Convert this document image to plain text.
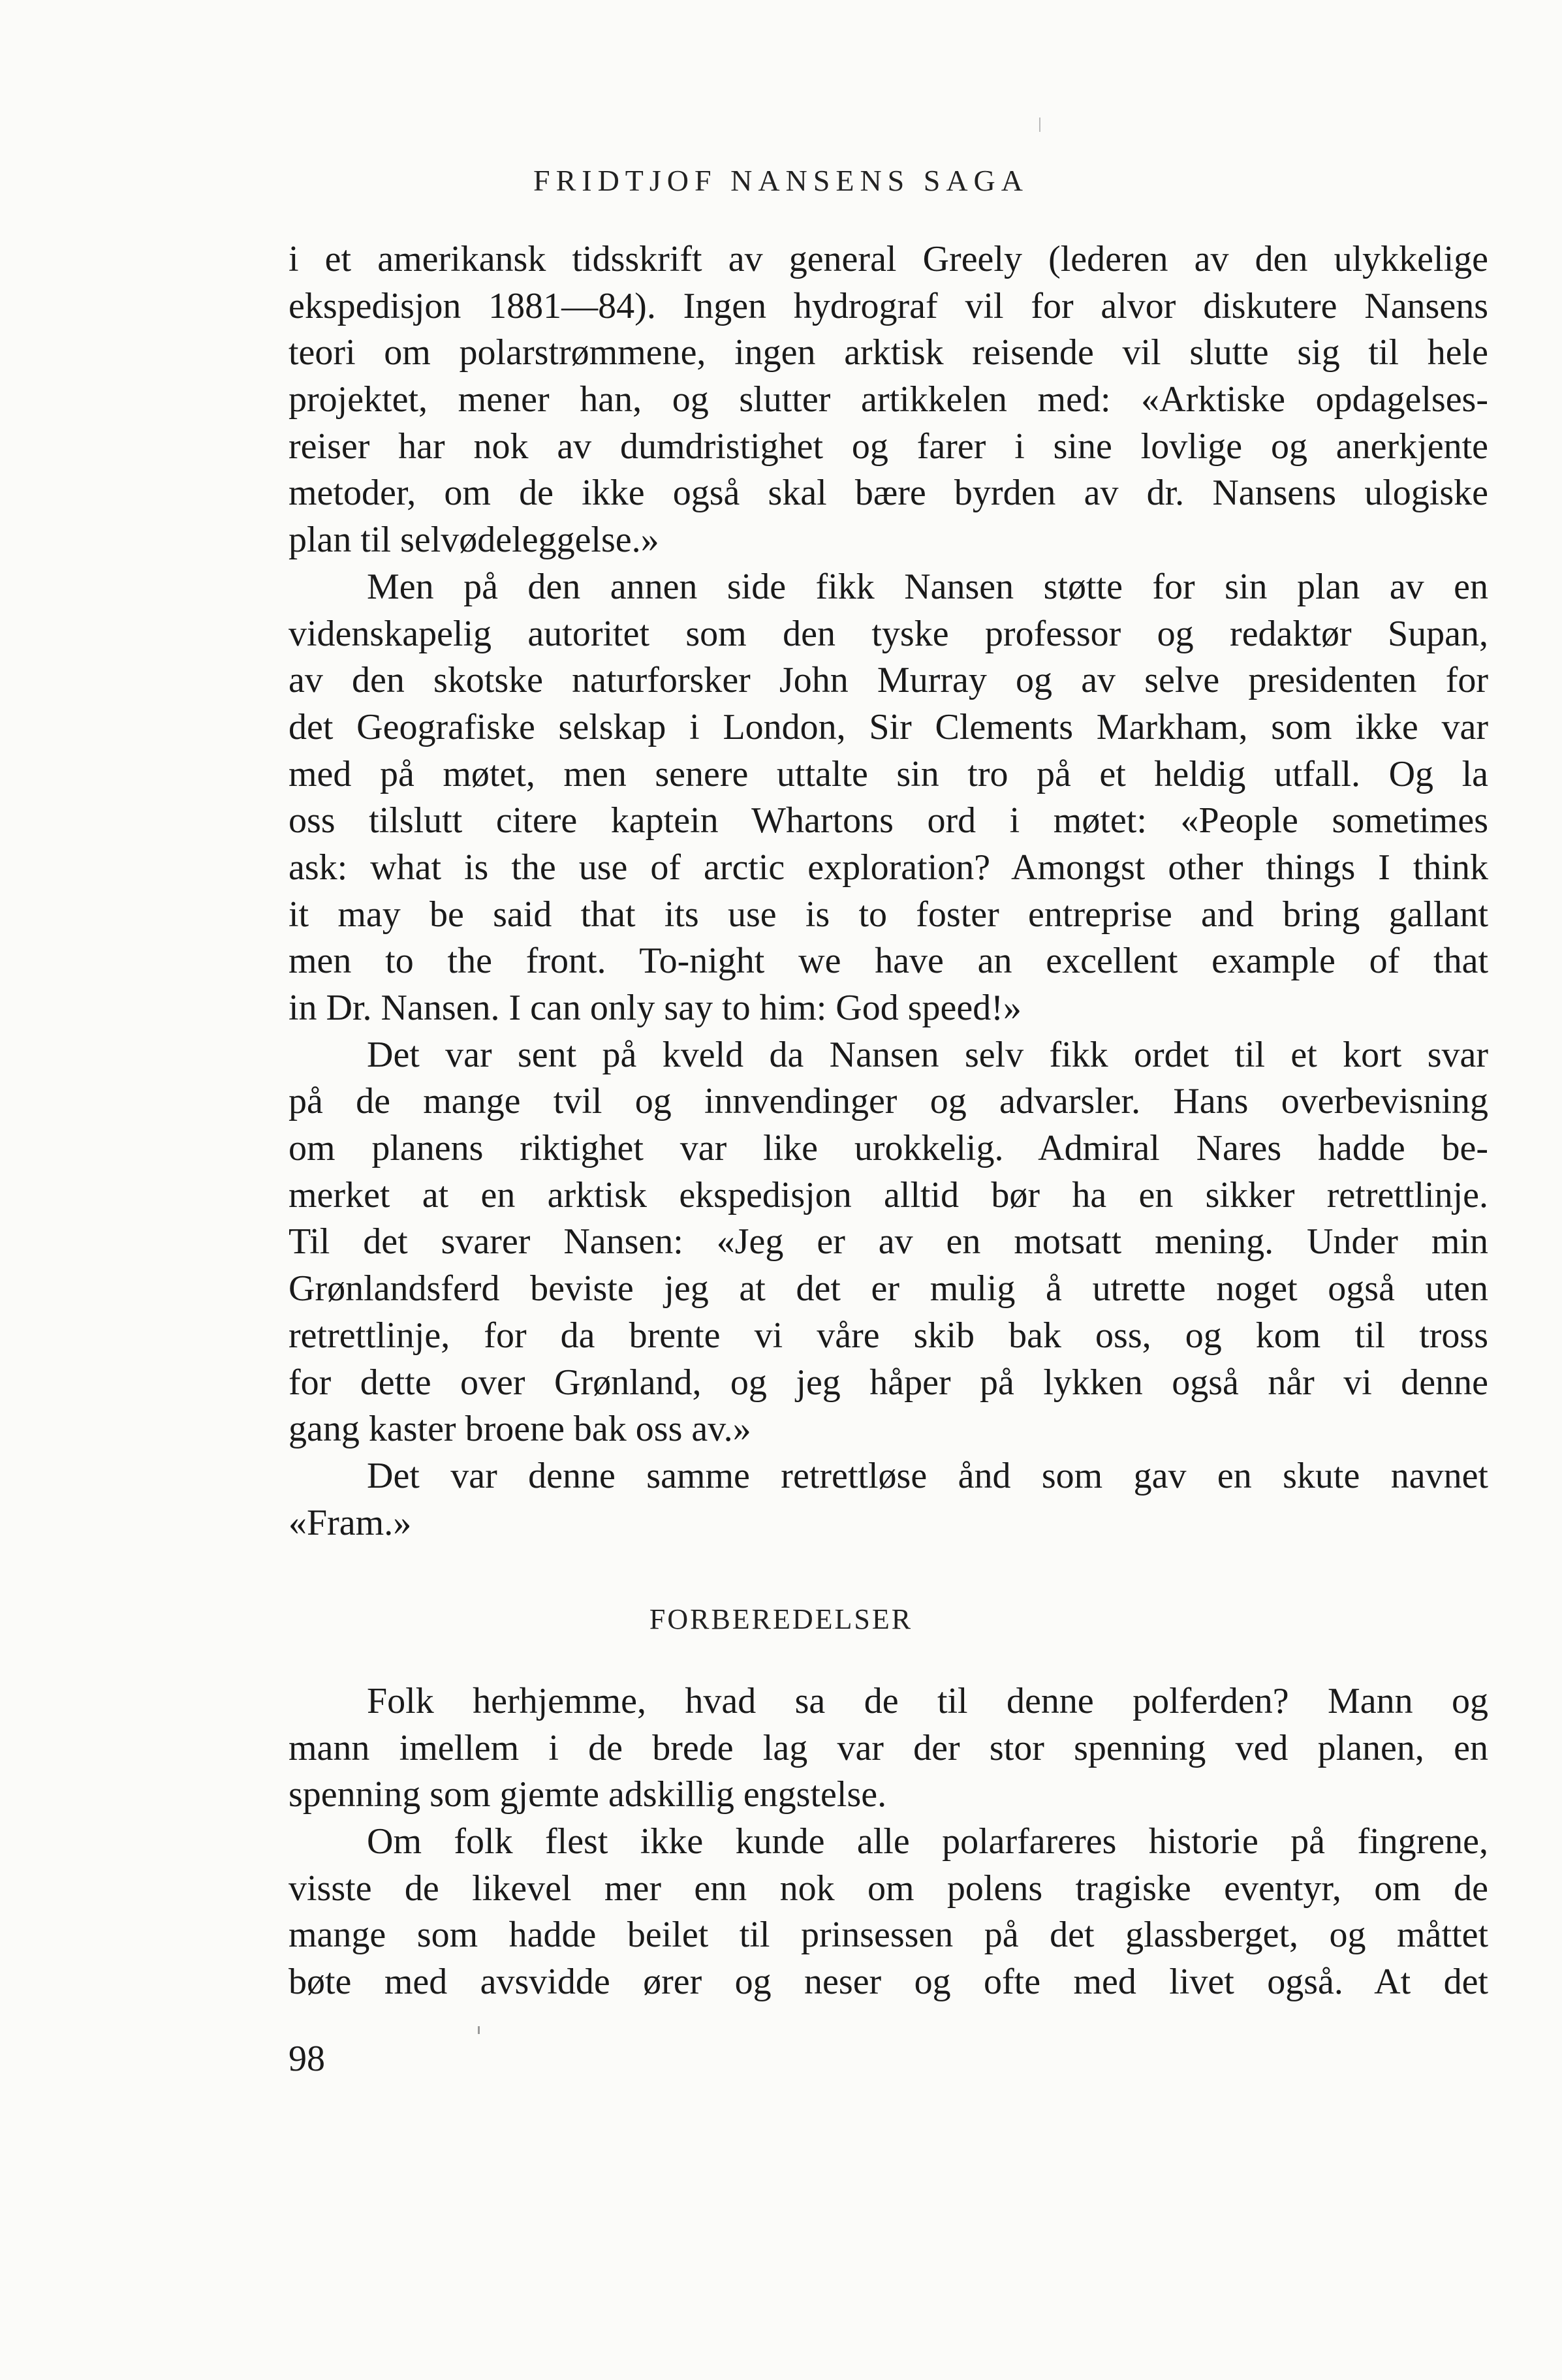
FRIDTJOF NANSENS SAGA
i et amerikansk tidsskrift av general Greely (lederen av den ulykkelige
ekspedisjon 1881—84). Ingen hydrograf vil for alvor diskutere Nansens
teori om polarstrømmene, ingen arktisk reisende vil slutte sig til hele
projektet, mener han, og slutter artikkelen med: «Arktiske opdagelses-
reiser har nok av dumdristighet og farer i sine lovlige og anerkjente
metoder, om de ikke også skal bære byrden av dr. Nansens ulogiske
plan til selvødeleggelse.»
Men på den annen side fikk Nansen støtte for sin plan av en
videnskapelig autoritet som den tyske professor og redaktør Supan,
av den skotske naturforsker John Murray og av selve presidenten for
det Geografiske selskap i London, Sir Clements Markham, som ikke var
med på møtet, men senere uttalte sin tro på et heldig utfall. Og la
oss tilslutt citere kaptein Whartons ord i møtet: «People sometimes
ask: what is the use of arctic exploration? Amongst other things I think
it may be said that its use is to foster entreprise and bring gallant
men to the front. To-night we have an excellent example of that
in Dr. Nansen. I can only say to him: God speed!»
Det var sent på kveld da Nansen selv fikk ordet til et kort svar
på de mange tvil og innvendinger og advarsler. Hans overbevisning
om planens riktighet var like urokkelig. Admiral Nares hadde be-
merket at en arktisk ekspedisjon alltid bør ha en sikker retrettlinje.
Til det svarer Nansen: «Jeg er av en motsatt mening. Under min
Grønlandsferd beviste jeg at det er mulig å utrette noget også uten
retrettlinje, for da brente vi våre skib bak oss, og kom til tross
for dette over Grønland, og jeg håper på lykken også når vi denne
gang kaster broene bak oss av.»
Det var denne samme retrettløse ånd som gav en skute navnet
«Fram.»
FORBEREDELSER
Folk herhjemme, hvad sa de til denne polferden? Mann og
mann imellem i de brede lag var der stor spenning ved planen, en
spenning som gjemte adskillig engstelse.
Om folk flest ikke kunde alle polarfareres historie på fingrene,
visste de likevel mer enn nok om polens tragiske eventyr, om de
mange som hadde beilet til prinsessen på det glassberget, og måttet
bøte med avsvidde ører og neser og ofte med livet også. At det
98
